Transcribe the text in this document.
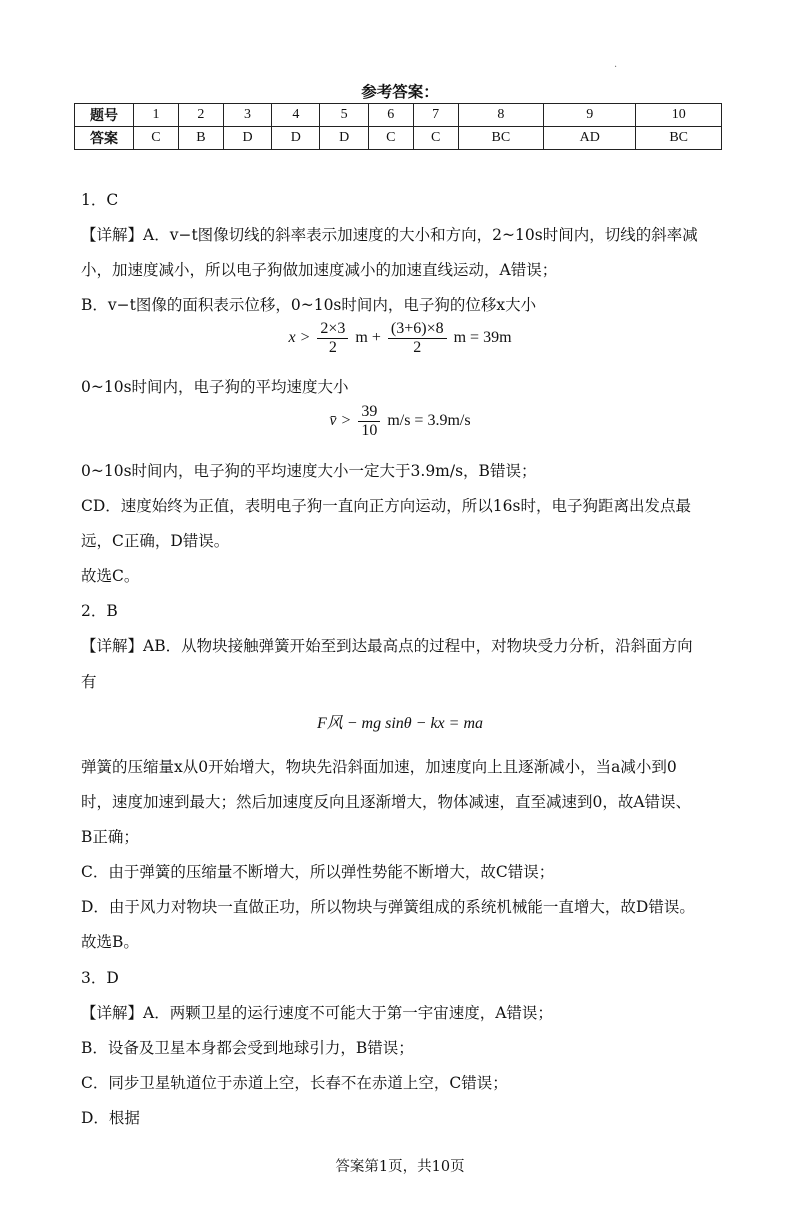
·
参考答案：
题号	1	2	3	4	5	6	7	8	9	10
答案	C	B	D	D	D	C	C	BC	AD	BC
1．C
【详解】A．v−t图像切线的斜率表示加速度的大小和方向，2~10s时间内，切线的斜率减
小，加速度减小，所以电子狗做加速度减小的加速直线运动，A错误；
B．v−t图像的面积表示位移，0~10s时间内，电子狗的位移x大小
$x > \frac{2\times 3}{2}$ $m + \frac{(3+6)\times 8}{2}$ m = 39m
0~10s时间内，电子狗的平均速度大小
v̄ > $\frac{39}{10} m/s = 3.9m/s$
0~10s时间内，电子狗的平均速度大小一定大于3.9m/s，B错误；
CD．速度始终为正值，表明电子狗一直向正方向运动，所以16s时，电子狗距离出发点最
远，C正确，D错误。
故选C。
2．B
【详解】AB．从物块接触弹簧开始至到达最高点的过程中，对物块受力分析，沿斜面方向
有
F风 − mg sinθ − kx = ma
弹簧的压缩量x从0开始增大，物块先沿斜面加速，加速度向上且逐渐减小，当a减小到0
时，速度加速到最大；然后加速度反向且逐渐增大，物体减速，直至减速到0，故A错误、
B正确；
C．由于弹簧的压缩量不断增大，所以弹性势能不断增大，故C错误；
D．由于风力对物块一直做正功，所以物块与弹簧组成的系统机械能一直增大，故D错误。
故选B。
3．D
【详解】A．两颗卫星的运行速度不可能大于第一宇宙速度，A错误；
B．设备及卫星本身都会受到地球引力，B错误；
C．同步卫星轨道位于赤道上空，长春不在赤道上空，C错误；
D．根据
答案第1页，共10页
